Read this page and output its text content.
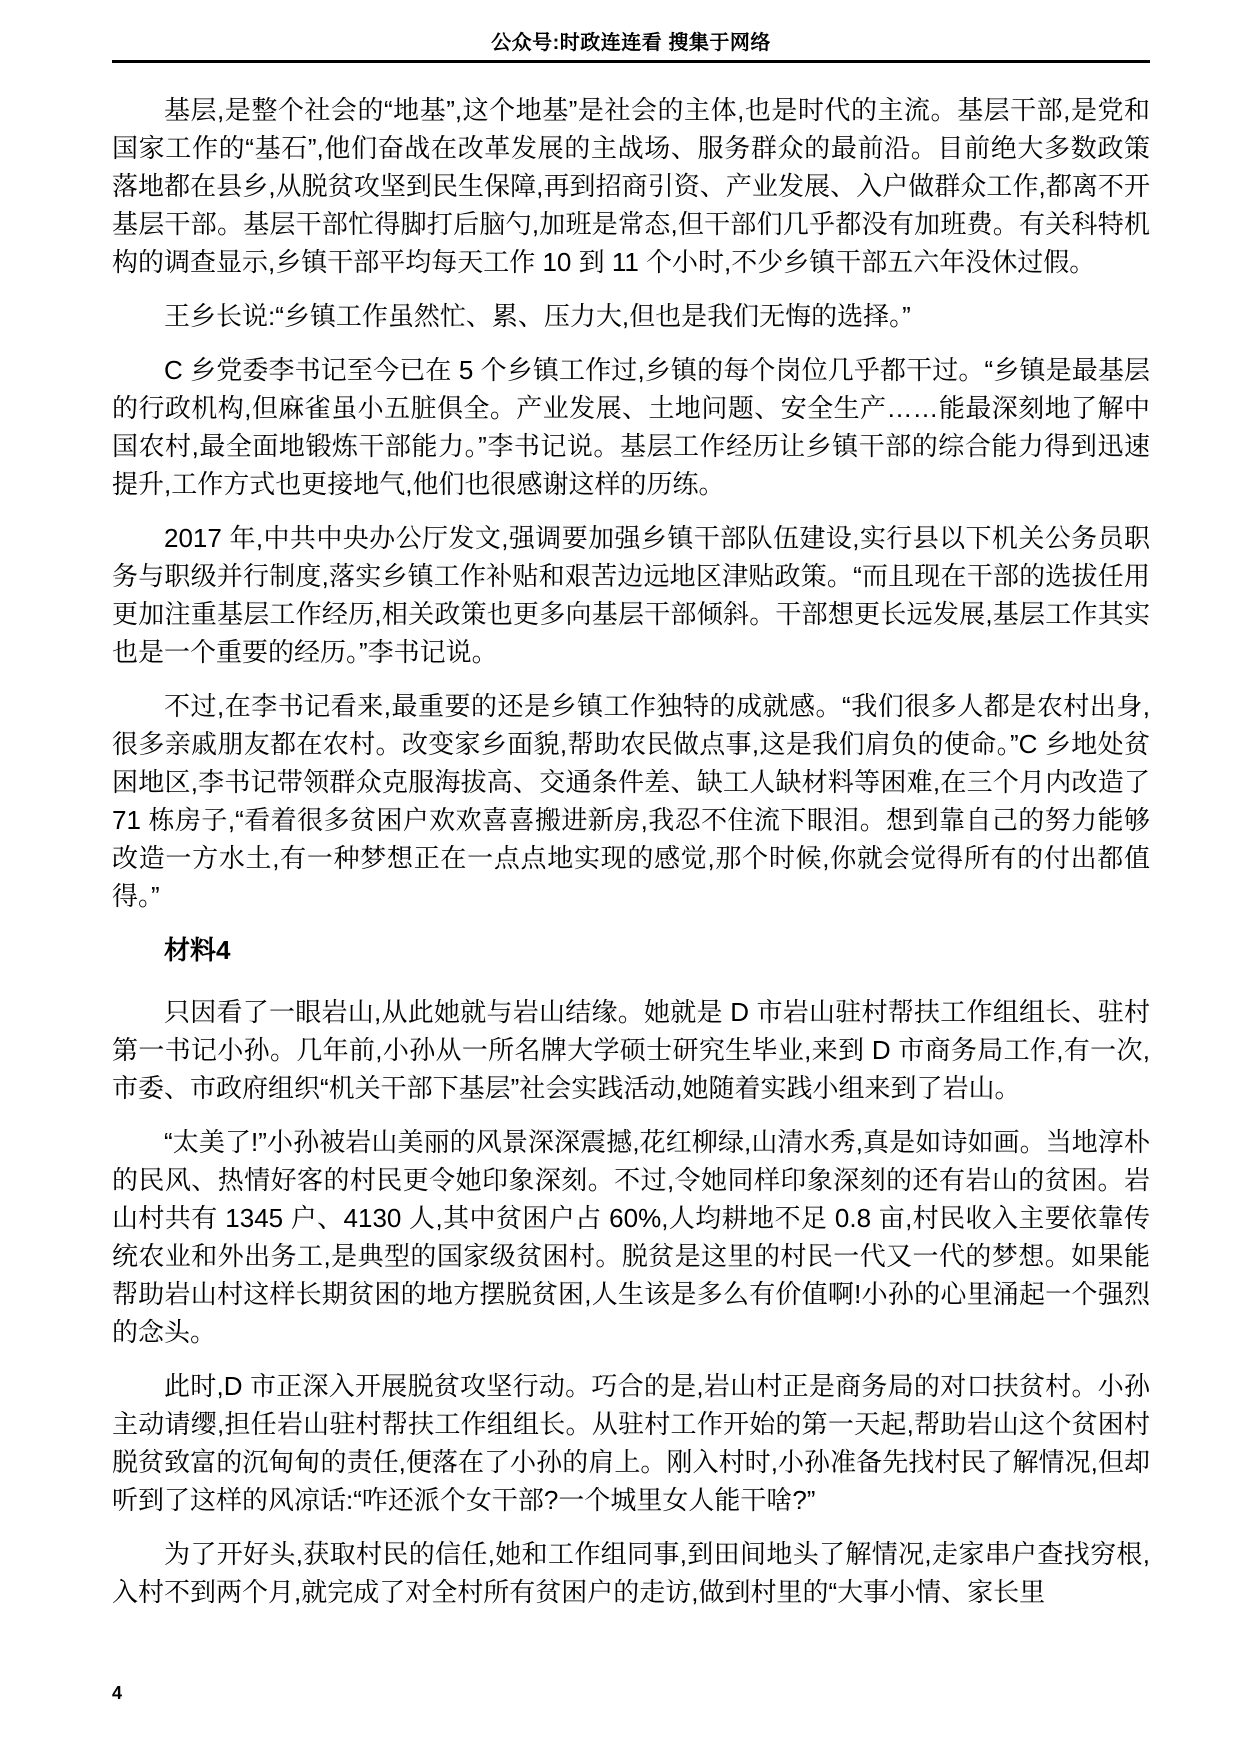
公众号:时政连连看 搜集于网络

基层,是整个社会的“地基”,这个地基”是社会的主体,也是时代的主流。基层干部,是党和国家工作的“基石”,他们奋战在改革发展的主战场、服务群众的最前沿。目前绝大多数政策落地都在县乡,从脱贫攻坚到民生保障,再到招商引资、产业发展、入户做群众工作,都离不开基层干部。基层干部忙得脚打后脑勺,加班是常态,但干部们几乎都没有加班费。有关科特机构的调查显示,乡镇干部平均每天工作 10 到 11 个小时,不少乡镇干部五六年没休过假。

王乡长说:“乡镇工作虽然忙、累、压力大,但也是我们无悔的选择。”

C 乡党委李书记至今已在 5 个乡镇工作过,乡镇的每个岗位几乎都干过。“乡镇是最基层的行政机构,但麻雀虽小五脏俱全。产业发展、土地问题、安全生产……能最深刻地了解中国农村,最全面地锻炼干部能力。”李书记说。基层工作经历让乡镇干部的综合能力得到迅速提升,工作方式也更接地气,他们也很感谢这样的历练。

2017 年,中共中央办公厅发文,强调要加强乡镇干部队伍建设,实行县以下机关公务员职务与职级并行制度,落实乡镇工作补贴和艰苦边远地区津贴政策。“而且现在干部的选拔任用更加注重基层工作经历,相关政策也更多向基层干部倾斜。干部想更长远发展,基层工作其实也是一个重要的经历。”李书记说。

不过,在李书记看来,最重要的还是乡镇工作独特的成就感。“我们很多人都是农村出身,很多亲戚朋友都在农村。改变家乡面貌,帮助农民做点事,这是我们肩负的使命。”C 乡地处贫困地区,李书记带领群众克服海拔高、交通条件差、缺工人缺材料等困难,在三个月内改造了 71 栋房子,“看着很多贫困户欢欢喜喜搬进新房,我忍不住流下眼泪。想到靠自己的努力能够改造一方水土,有一种梦想正在一点点地实现的感觉,那个时候,你就会觉得所有的付出都值得。”

材料4

只因看了一眼岩山,从此她就与岩山结缘。她就是 D 市岩山驻村帮扶工作组组长、驻村第一书记小孙。几年前,小孙从一所名牌大学硕士研究生毕业,来到 D 市商务局工作,有一次,市委、市政府组织“机关干部下基层”社会实践活动,她随着实践小组来到了岩山。

“太美了!”小孙被岩山美丽的风景深深震撼,花红柳绿,山清水秀,真是如诗如画。当地淳朴的民风、热情好客的村民更令她印象深刻。不过,令她同样印象深刻的还有岩山的贫困。岩山村共有 1345 户、4130 人,其中贫困户占 60%,人均耕地不足 0.8 亩,村民收入主要依靠传统农业和外出务工,是典型的国家级贫困村。脱贫是这里的村民一代又一代的梦想。如果能帮助岩山村这样长期贫困的地方摆脱贫困,人生该是多么有价值啊!小孙的心里涌起一个强烈的念头。

此时,D 市正深入开展脱贫攻坚行动。巧合的是,岩山村正是商务局的对口扶贫村。小孙主动请缨,担任岩山驻村帮扶工作组组长。从驻村工作开始的第一天起,帮助岩山这个贫困村脱贫致富的沉甸甸的责任,便落在了小孙的肩上。刚入村时,小孙准备先找村民了解情况,但却听到了这样的风凉话:“咋还派个女干部?一个城里女人能干啥?”

为了开好头,获取村民的信任,她和工作组同事,到田间地头了解情况,走家串户查找穷根,入村不到两个月,就完成了对全村所有贫困户的走访,做到村里的“大事小情、家长里

4
